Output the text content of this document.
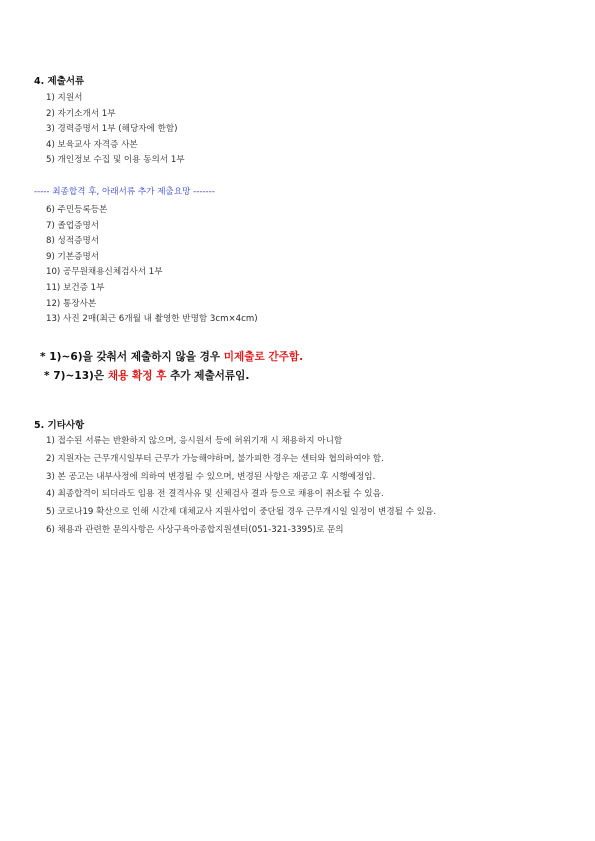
4. 제출서류
1) 지원서
2) 자기소개서 1부
3) 경력증명서 1부 (해당자에 한함)
4) 보육교사 자격증 사본
5) 개인정보 수집 및 이용 동의서 1부
----- 최종합격 후, 아래서류 추가 제출요망 -------
6) 주민등록등본
7) 졸업증명서
8) 성적증명서
9) 기본증명서
10) 공무원채용신체검사서 1부
11) 보건증 1부
12) 통장사본
13) 사진 2매(최근 6개월 내 촬영한 반명함 3cm×4cm)
* 1)~6)을 갖춰서 제출하지 않을 경우 미제출로 간주함.
* 7)~13)은 채용 확정 후 추가 제출서류임.
5. 기타사항
1) 접수된 서류는 반환하지 않으며, 응시원서 등에 허위기재 시 채용하지 아니함
2) 지원자는 근무개시일부터 근무가 가능해야하며, 불가피한 경우는 센터와 협의하여야 함.
3) 본 공고는 내부사정에 의하여 변경될 수 있으며, 변경된 사항은 재공고 후 시행예정임.
4) 최종합격이 되더라도 임용 전 결격사유 및 신체검사 결과 등으로 채용이 취소될 수 있음.
5) 코로나19 확산으로 인해 시간제 대체교사 지원사업이 중단될 경우 근무개시일 일정이 변경될 수 있음.
6) 채용과 관련한 문의사항은 사상구육아종합지원센터(051-321-3395)로 문의
